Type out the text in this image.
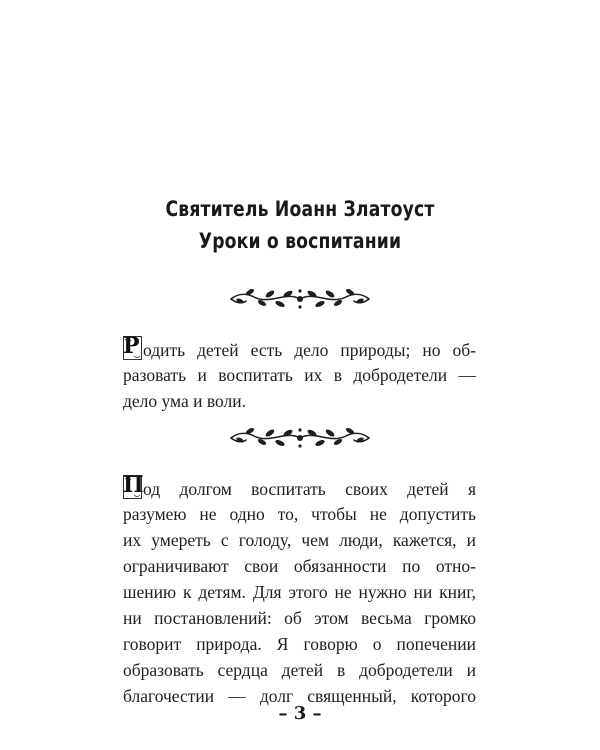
Святитель Иоанн Златоуст
Уроки о воспитании
Р одить детей есть дело природы; но об-
разовать и воспитать их в добродетели —
дело ума и воли.
П од долгом воспитать своих детей я
разумею не одно то, чтобы не допустить
их умереть с голоду, чем люди, кажется, и
ограничивают свои обязанности по отно-
шению к детям. Для этого не нужно ни книг,
ни постановлений: об этом весьма громко
говорит природа. Я говорю о попечении
образовать сердца детей в добродетели и
благочестии — долг священный, которого
– 3 –
